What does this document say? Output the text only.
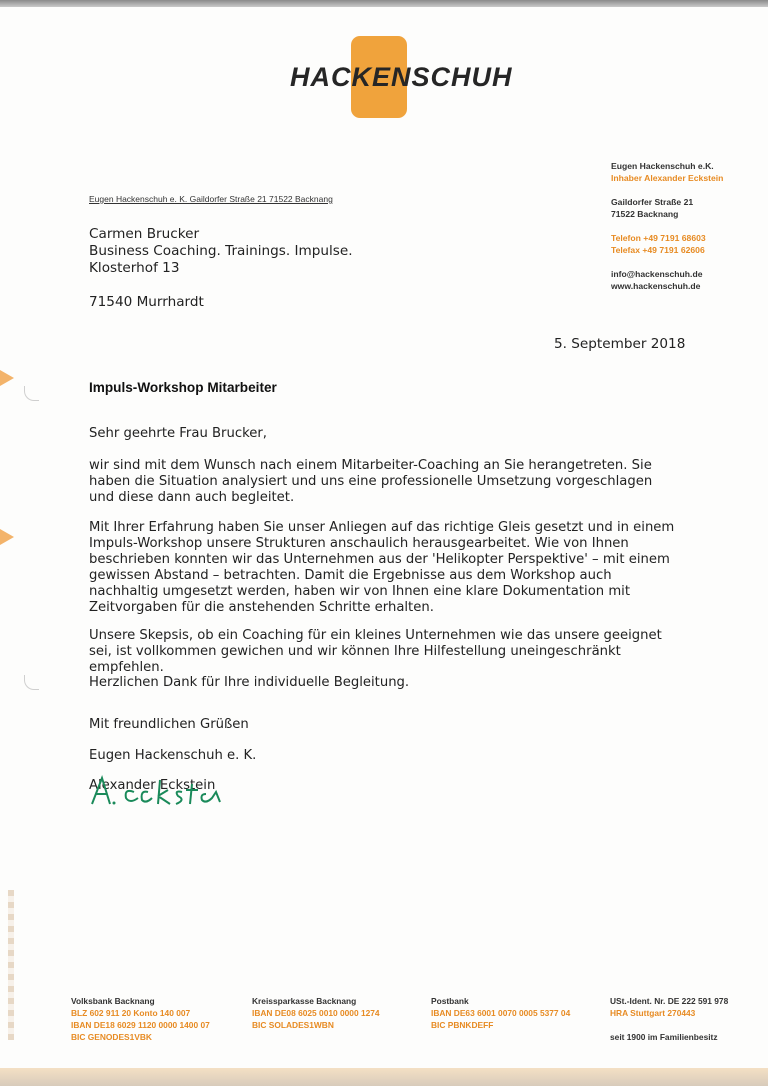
HACKENSCHUH
Eugen Hackenschuh e.K.
Inhaber Alexander Eckstein
Gaildorfer Straße 21
71522 Backnang
Telefon +49 7191 68603
Telefax +49 7191 62606
info@hackenschuh.de
www.hackenschuh.de
Eugen Hackenschuh e. K. Gaildorfer Straße 21 71522 Backnang
Carmen Brucker
Business Coaching. Trainings. Impulse.
Klosterhof 13
71540 Murrhardt
5. September 2018
Impuls-Workshop Mitarbeiter

Sehr geehrte Frau Brucker,

wir sind mit dem Wunsch nach einem Mitarbeiter-Coaching an Sie herangetreten. Sie haben die Situation analysiert und uns eine professionelle Umsetzung vorgeschlagen und diese dann auch begleitet.

Mit Ihrer Erfahrung haben Sie unser Anliegen auf das richtige Gleis gesetzt und in einem Impuls-Workshop unsere Strukturen anschaulich herausgearbeitet. Wie von Ihnen beschrieben konnten wir das Unternehmen aus der 'Helikopter Perspektive' – mit einem gewissen Abstand – betrachten. Damit die Ergebnisse aus dem Workshop auch nachhaltig umgesetzt werden, haben wir von Ihnen eine klare Dokumentation mit Zeitvorgaben für die anstehenden Schritte erhalten.

Unsere Skepsis, ob ein Coaching für ein kleines Unternehmen wie das unsere geeignet sei, ist vollkommen gewichen und wir können Ihre Hilfestellung uneingeschränkt empfehlen.

Herzlichen Dank für Ihre individuelle Begleitung.

Mit freundlichen Grüßen

Eugen Hackenschuh e. K.

Alexander Eckstein

Volksbank Backnang
BLZ 602 911 20 Konto 140 007
IBAN DE18 6029 1120 0000 1400 07
BIC GENODES1VBK
Kreissparkasse Backnang
IBAN DE08 6025 0010 0000 1274
BIC SOLADES1WBN
Postbank
IBAN DE63 6001 0070 0005 5377 04
BIC PBNKDEFF
USt.-Ident. Nr. DE 222 591 978
HRA Stuttgart 270443
seit 1900 im Familienbesitz
